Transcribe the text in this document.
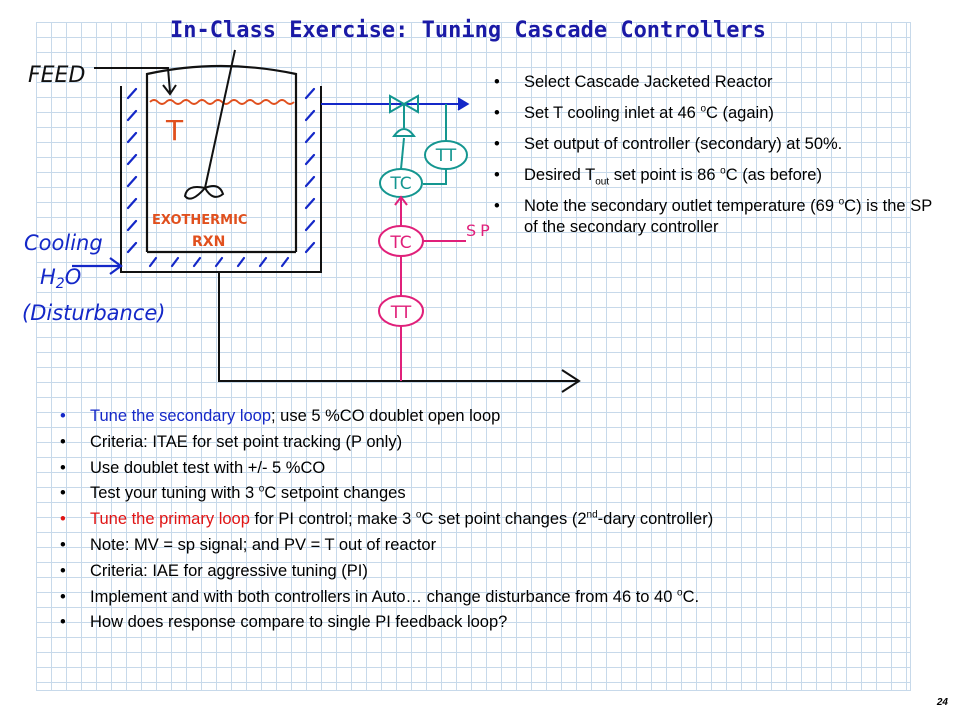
In-Class Exercise: Tuning Cascade Controllers
TT
TC
TC
SP
TT
FEED
T
EXOTHERMIC
RXN
Cooling
H2O
(Disturbance)
• Select Cascade Jacketed Reactor
• Set T cooling inlet at 46 $^o$C (again)
• Set output of controller (secondary) at 50%.
• Desired $T_{out}$ set point is 86 $^o$C (as before)
• Note the secondary outlet temperature (69 $^o$C) is the SP of the secondary controller
• Tune the secondary loop; use 5 %CO doublet open loop
• Criteria: ITAE for set point tracking (P only)
• Use doublet test with +/- 5 %CO
• Test your tuning with 3 $^o$C setpoint changes
• Tune the primary loop for PI control; make 3 $^o$C set point changes (2nd-dary controller)
• Note: MV = sp signal; and PV = T out of reactor
• Criteria: IAE for aggressive tuning (PI)
• Implement and with both controllers in Auto… change disturbance from 46 to 40 $^o$C.
• How does response compare to single PI feedback loop?
24
